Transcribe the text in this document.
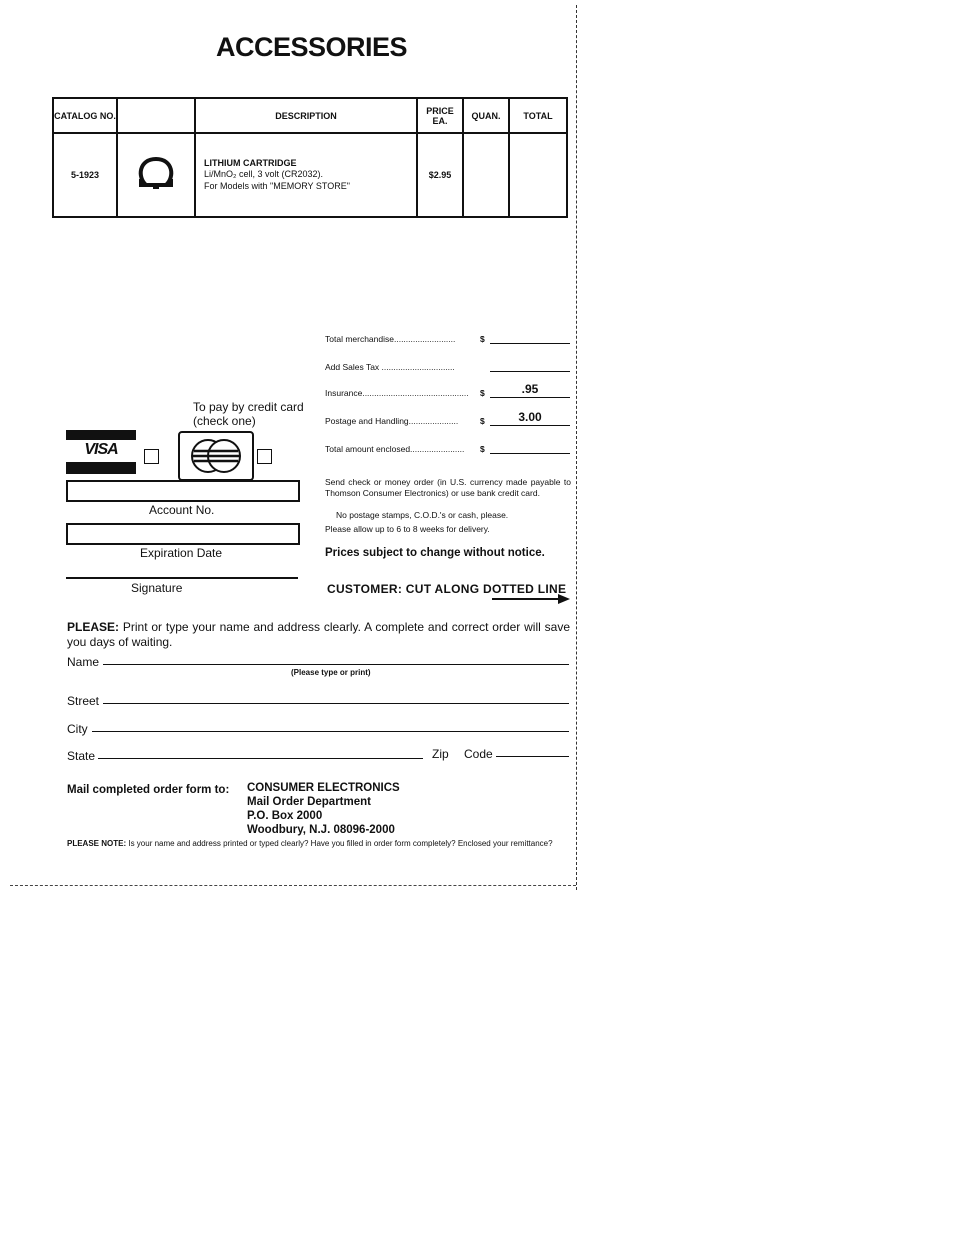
ACCESSORIES
CATALOG NO.		DESCRIPTION	PRICE EA.	QUAN.	TOTAL
5-1923		LITHIUM CARTRIDGE
Li/MnO₂ cell, 3 volt (CR2032).
For Models with "MEMORY STORE"	$2.95		
Total merchandise..........................	$
Add Sales Tax ...............................
Insurance............................................. $	.95
Postage and Handling.....................	$	3.00
Total amount enclosed....................... $
To pay by credit card
(check one)
VISA
Account No.
Expiration Date
Signature
Send check or money order (in U.S. currency made payable to Thomson Consumer Electronics) or use bank credit card.
No postage stamps, C.O.D.'s or cash, please.
Please allow up to 6 to 8 weeks for delivery.
Prices subject to change without notice.
CUSTOMER: CUT ALONG DOTTED LINE
PLEASE: Print or type your name and address clearly. A complete and correct order will save you days of waiting.
Name
(Please type or print)
Street
City
State	Zip Code
Mail completed order form to: CONSUMER ELECTRONICS
Mail Order Department
P.O. Box 2000
Woodbury, N.J. 08096-2000
PLEASE NOTE: Is your name and address printed or typed clearly? Have you filled in order form completely? Enclosed your remittance?
